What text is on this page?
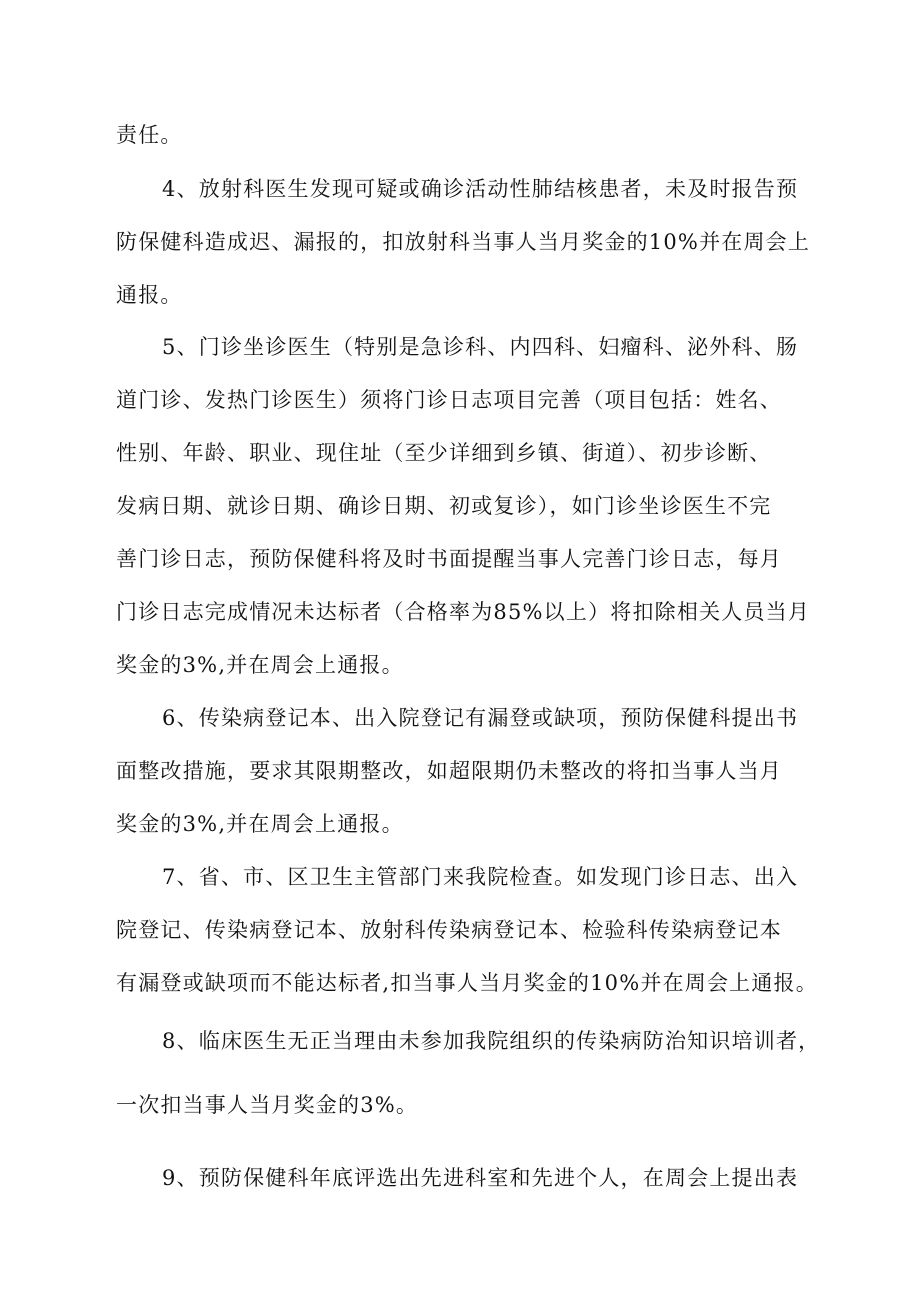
责任。
4、放射科医生发现可疑或确诊活动性肺结核患者，未及时报告预
防保健科造成迟、漏报的，扣放射科当事人当月奖金的10%并在周会上
通报。
5、门诊坐诊医生（特别是急诊科、内四科、妇瘤科、泌外科、肠
道门诊、发热门诊医生）须将门诊日志项目完善（项目包括：姓名、
性别、年龄、职业、现住址（至少详细到乡镇、街道）、初步诊断、
发病日期、就诊日期、确诊日期、初或复诊），如门诊坐诊医生不完
善门诊日志，预防保健科将及时书面提醒当事人完善门诊日志，每月
门诊日志完成情况未达标者（合格率为85%以上）将扣除相关人员当月
奖金的3%,并在周会上通报。
6、传染病登记本、出入院登记有漏登或缺项，预防保健科提出书
面整改措施，要求其限期整改，如超限期仍未整改的将扣当事人当月
奖金的3%,并在周会上通报。
7、省、市、区卫生主管部门来我院检查。如发现门诊日志、出入
院登记、传染病登记本、放射科传染病登记本、检验科传染病登记本
有漏登或缺项而不能达标者,扣当事人当月奖金的10%并在周会上通报。
8、临床医生无正当理由未参加我院组织的传染病防治知识培训者，
一次扣当事人当月奖金的3%。
9、预防保健科年底评选出先进科室和先进个人，在周会上提出表
